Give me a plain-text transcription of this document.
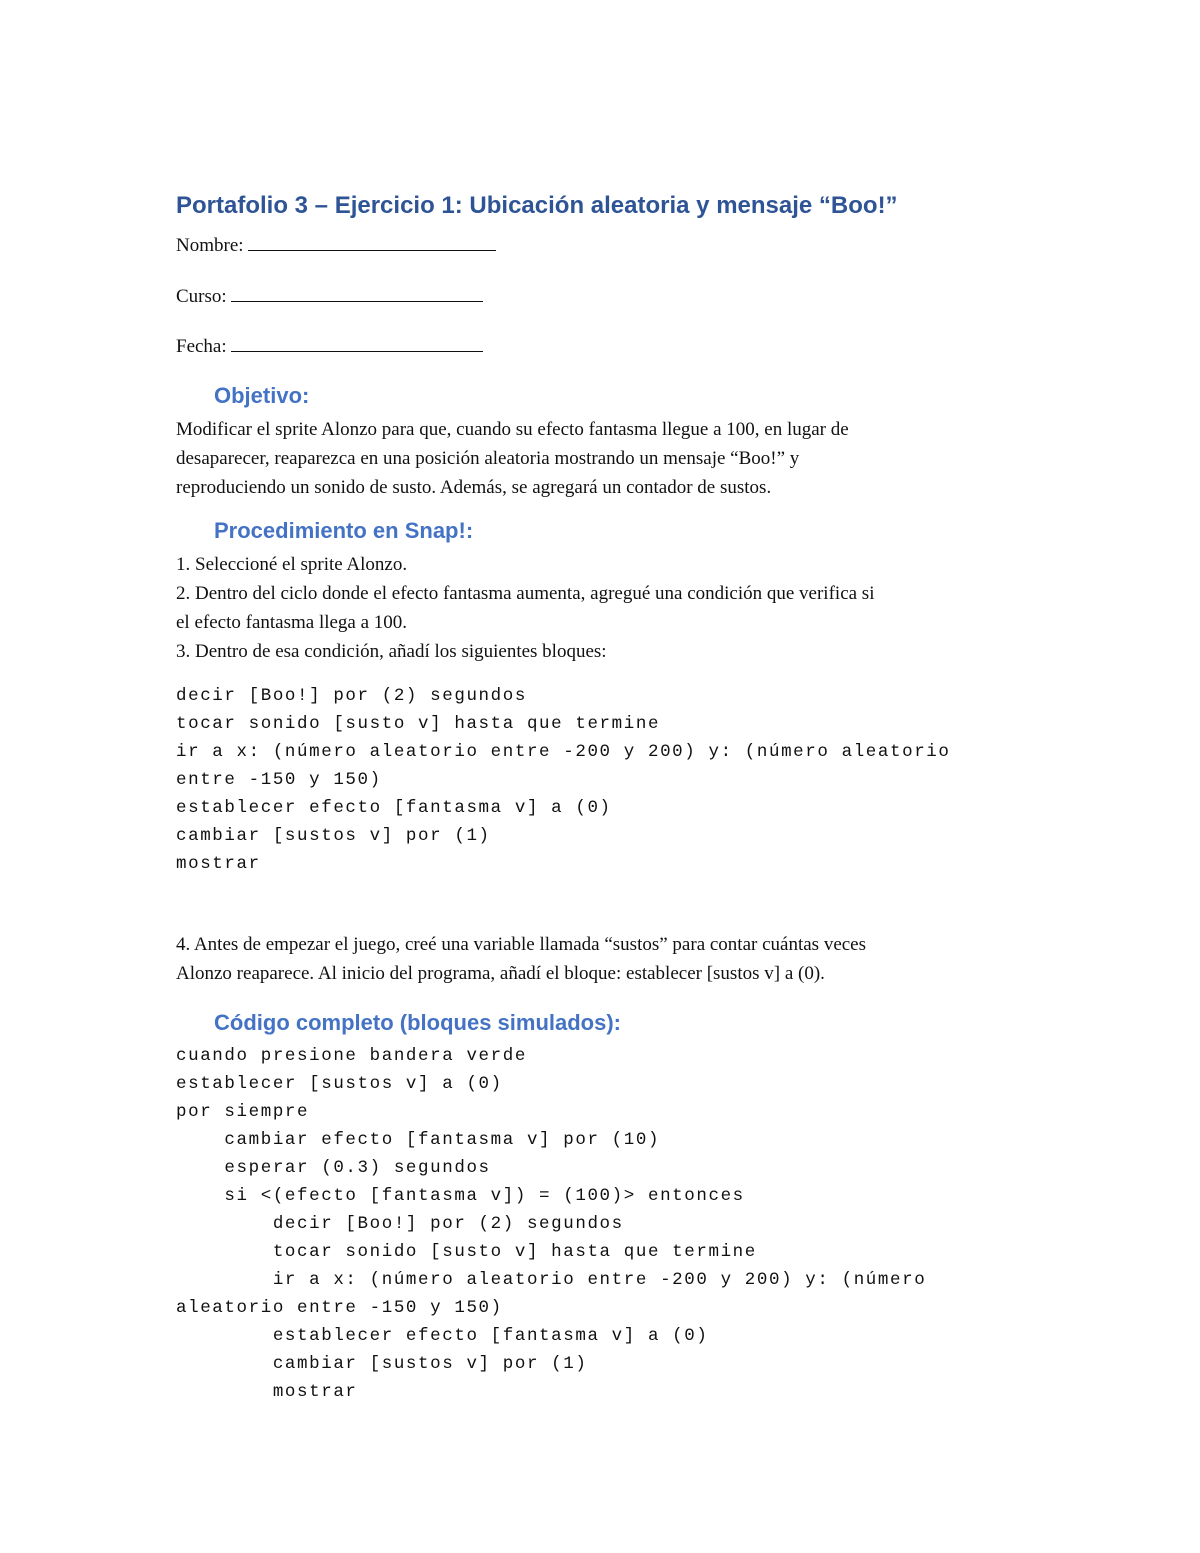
Portafolio 3 – Ejercicio 1: Ubicación aleatoria y mensaje “Boo!”

Nombre:

Curso:

Fecha:

Objetivo:

Modificar el sprite Alonzo para que, cuando su efecto fantasma llegue a 100, en lugar de

desaparecer, reaparezca en una posición aleatoria mostrando un mensaje “Boo!” y

reproduciendo un sonido de susto. Además, se agregará un contador de sustos.

Procedimiento en Snap!:

1. Seleccioné el sprite Alonzo.

2. Dentro del ciclo donde el efecto fantasma aumenta, agregué una condición que verifica si

el efecto fantasma llega a 100.

3. Dentro de esa condición, añadí los siguientes bloques:

decir [Boo!] por (2) segundos

tocar sonido [susto v] hasta que termine

ir a x: (número aleatorio entre -200 y 200) y: (número aleatorio

entre -150 y 150)

establecer efecto [fantasma v] a (0)

cambiar [sustos v] por (1)

mostrar

4. Antes de empezar el juego, creé una variable llamada “sustos” para contar cuántas veces

Alonzo reaparece. Al inicio del programa, añadí el bloque: establecer [sustos v] a (0).

Código completo (bloques simulados):

cuando presione bandera verde

establecer [sustos v] a (0)

por siempre

cambiar efecto [fantasma v] por (10)

esperar (0.3) segundos

si <(efecto [fantasma v]) = (100)> entonces

decir [Boo!] por (2) segundos

tocar sonido [susto v] hasta que termine

ir a x: (número aleatorio entre -200 y 200) y: (número

aleatorio entre -150 y 150)

establecer efecto [fantasma v] a (0)

cambiar [sustos v] por (1)

mostrar
